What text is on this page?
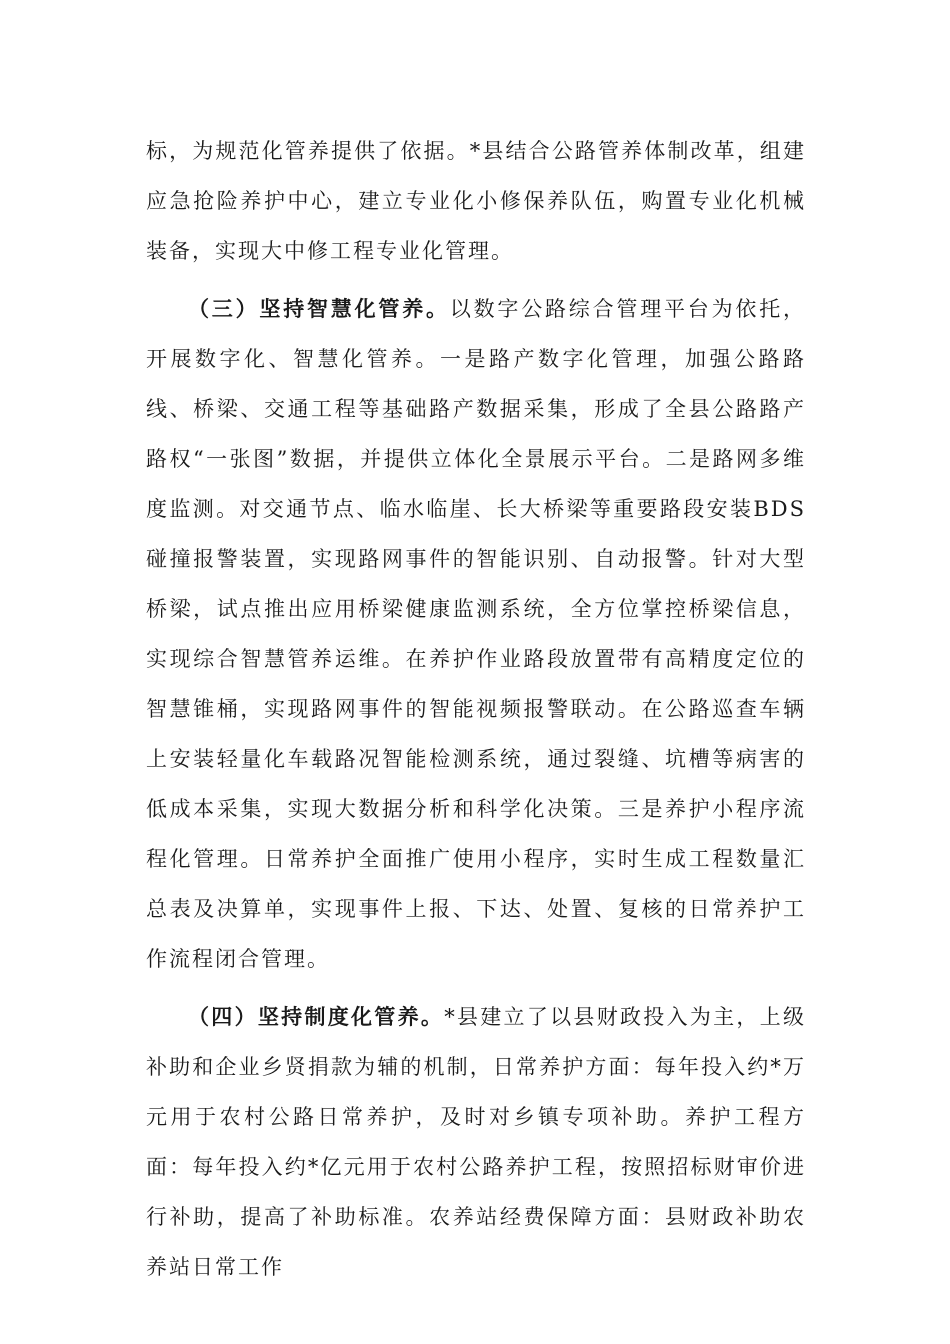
标，为规范化管养提供了依据。*县结合公路管养体制改革，组建应急抢险养护中心，建立专业化小修保养队伍，购置专业化机械装备，实现大中修工程专业化管理。

（三）坚持智慧化管养。以数字公路综合管理平台为依托，开展数字化、智慧化管养。一是路产数字化管理，加强公路路线、桥梁、交通工程等基础路产数据采集，形成了全县公路路产路权“一张图”数据，并提供立体化全景展示平台。二是路网多维度监测。对交通节点、临水临崖、长大桥梁等重要路段安装BDS碰撞报警装置，实现路网事件的智能识别、自动报警。针对大型桥梁，试点推出应用桥梁健康监测系统，全方位掌控桥梁信息，实现综合智慧管养运维。在养护作业路段放置带有高精度定位的智慧锥桶，实现路网事件的智能视频报警联动。在公路巡查车辆上安装轻量化车载路况智能检测系统，通过裂缝、坑槽等病害的低成本采集，实现大数据分析和科学化决策。三是养护小程序流程化管理。日常养护全面推广使用小程序，实时生成工程数量汇总表及决算单，实现事件上报、下达、处置、复核的日常养护工作流程闭合管理。

（四）坚持制度化管养。*县建立了以县财政投入为主，上级补助和企业乡贤捐款为辅的机制，日常养护方面：每年投入约*万元用于农村公路日常养护，及时对乡镇专项补助。养护工程方面：每年投入约*亿元用于农村公路养护工程，按照招标财审价进行补助，提高了补助标准。农养站经费保障方面：县财政补助农养站日常工作
